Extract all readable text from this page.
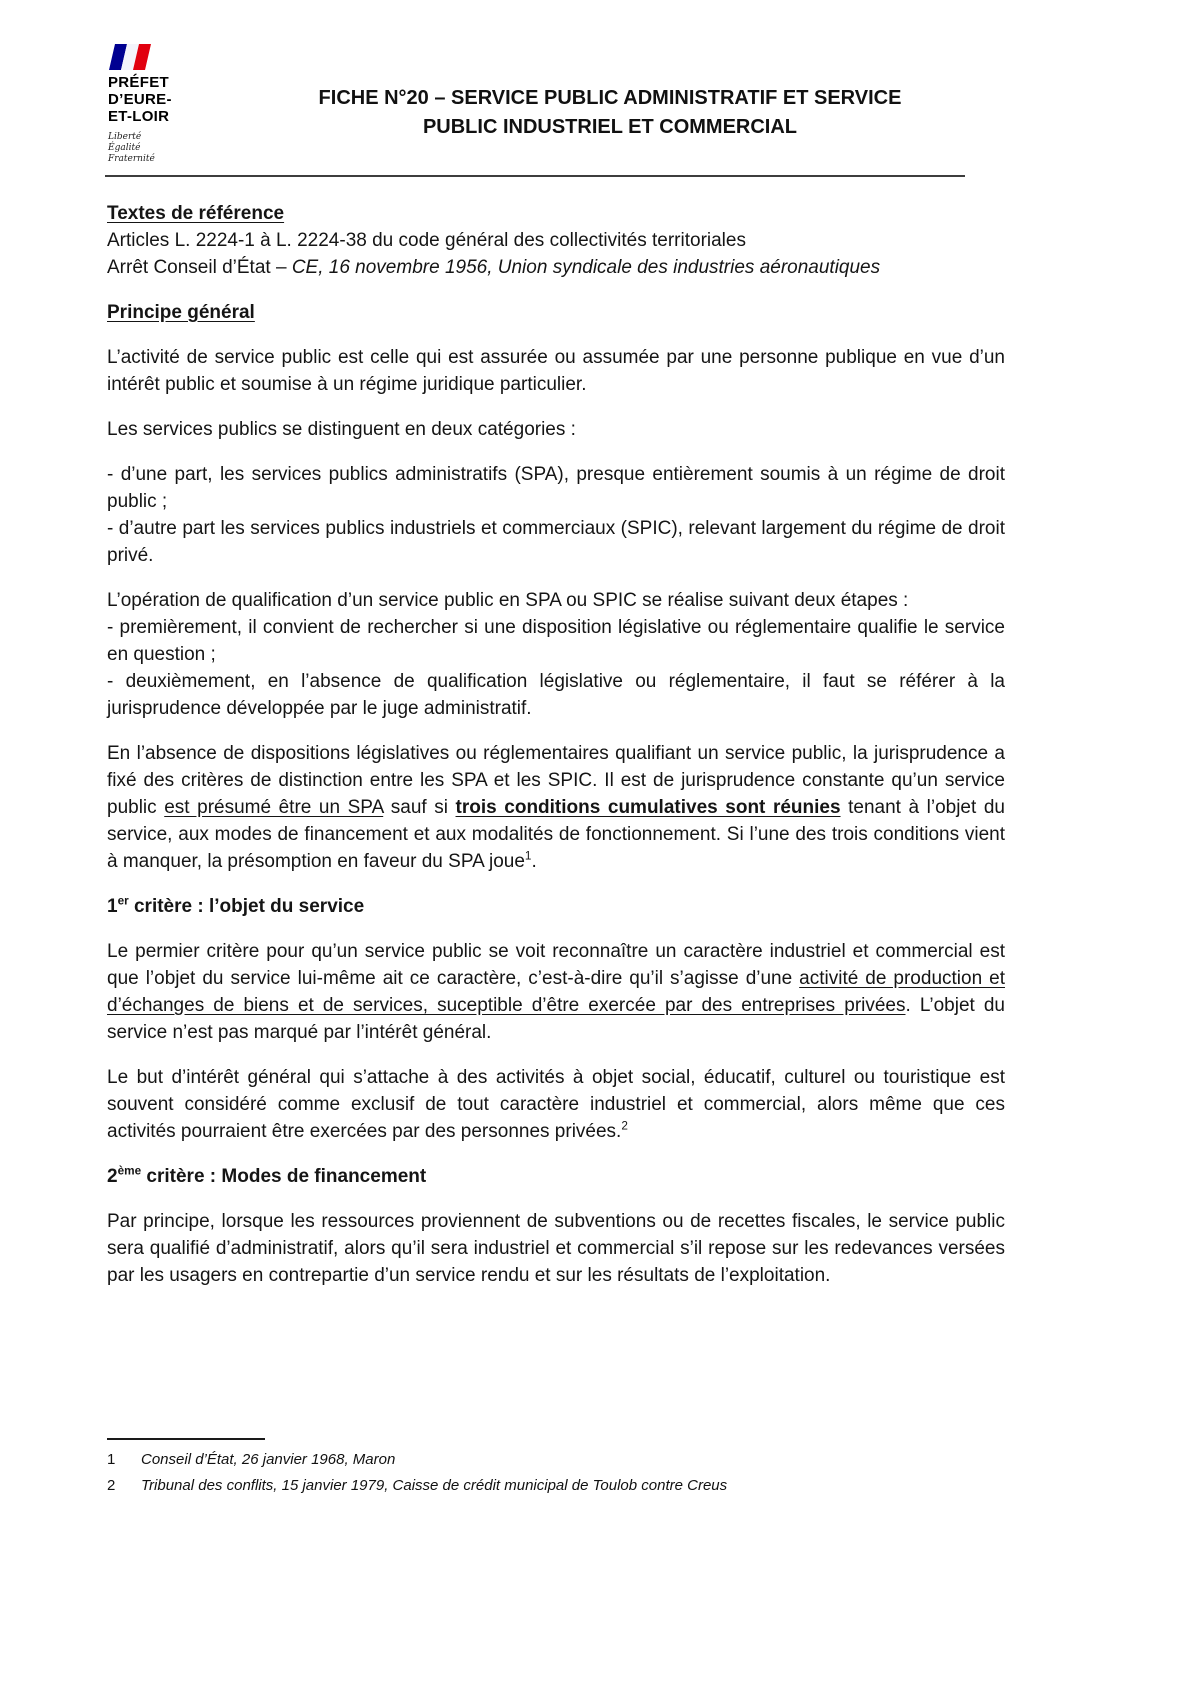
PRÉFET
D’EURE-
ET-LOIR
Liberté
Égalité
Fraternité
FICHE N°20 – SERVICE PUBLIC ADMINISTRATIF ET SERVICE
PUBLIC INDUSTRIEL ET COMMERCIAL

Textes de référence

Articles L. 2224-1 à L. 2224-38 du code général des collectivités territoriales

Arrêt Conseil d’État – CE, 16 novembre 1956, Union syndicale des industries aéronautiques

Principe général

L’activité de service public est celle qui est assurée ou assumée par une personne publique en vue d’un intérêt public et soumise à un régime juridique particulier.

Les services publics se distinguent en deux catégories :

- d’une part, les services publics administratifs (SPA), presque entièrement soumis à un régime de droit public ;

- d’autre part les services publics industriels et commerciaux (SPIC), relevant largement du régime de droit privé.

L’opération de qualification d’un service public en SPA ou SPIC se réalise suivant deux étapes :

- premièrement, il convient de rechercher si une disposition législative ou réglementaire qualifie le service en question ;

- deuxièmement, en l’absence de qualification législative ou réglementaire, il faut se référer à la jurisprudence développée par le juge administratif.

En l’absence de dispositions législatives ou réglementaires qualifiant un service public, la jurisprudence a fixé des critères de distinction entre les SPA et les SPIC. Il est de jurisprudence constante qu’un service public est présumé être un SPA sauf si trois conditions cumulatives sont réunies tenant à l’objet du service, aux modes de financement et aux modalités de fonctionnement. Si l’une des trois conditions vient à manquer, la présomption en faveur du SPA joue$^1$.

1er critère : l’objet du service

Le permier critère pour qu’un service public se voit reconnaître un caractère industriel et commercial est que l’objet du service lui-même ait ce caractère, c’est-à-dire qu’il s’agisse d’une activité de production et d’échanges de biens et de services, suceptible d’être exercée par des entreprises privées. L’objet du service n’est pas marqué par l’intérêt général.

Le but d’intérêt général qui s’attache à des activités à objet social, éducatif, culturel ou touristique est souvent considéré comme exclusif de tout caractère industriel et commercial, alors même que ces activités pourraient être exercées par des personnes privées.$^2$

2ème critère : Modes de financement

Par principe, lorsque les ressources proviennent de subventions ou de recettes fiscales, le service public sera qualifié d’administratif, alors qu’il sera industriel et commercial s’il repose sur les redevances versées par les usagers en contrepartie d’un service rendu et sur les résultats de l’exploitation.

1	Conseil d’État, 26 janvier 1968, Maron
2	Tribunal des conflits, 15 janvier 1979, Caisse de crédit municipal de Toulob contre Creus
